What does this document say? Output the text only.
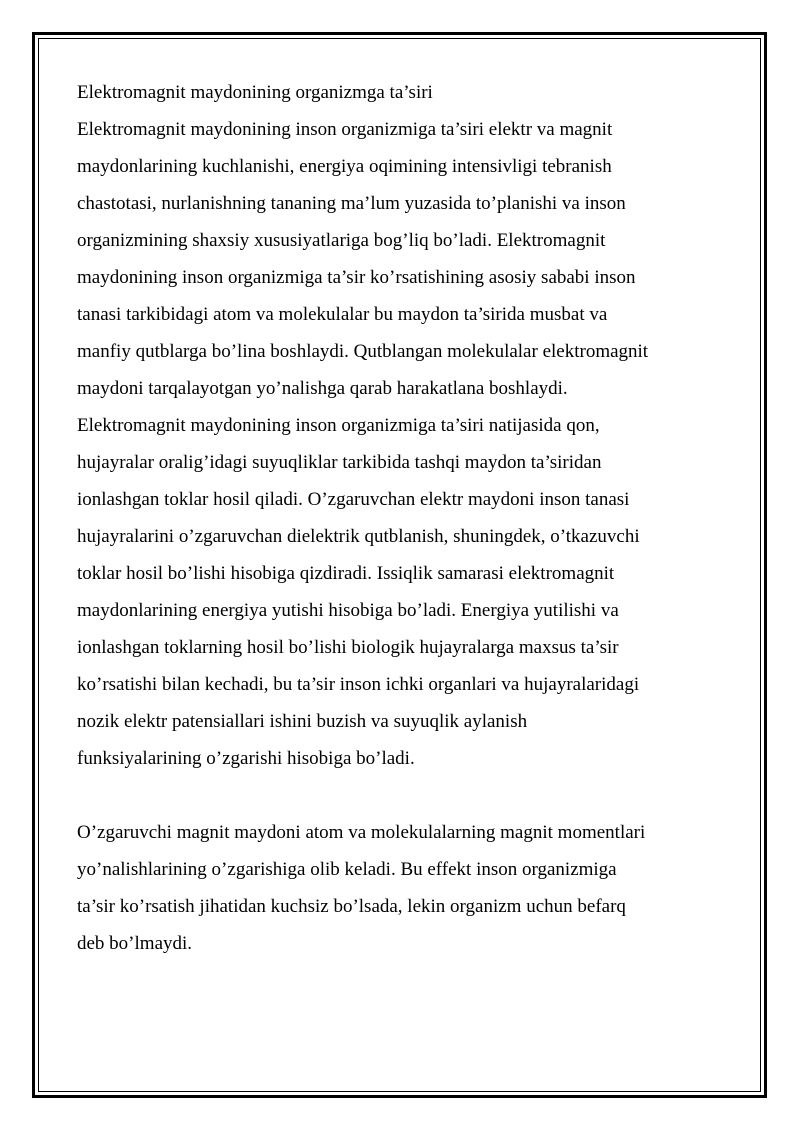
Elektromagnit maydonining organizmga ta’siri
Elektromagnit maydonining inson organizmiga ta’siri elektr va magnit
maydonlarining kuchlanishi, energiya oqimining intensivligi tebranish
chastotasi, nurlanishning tananing ma’lum yuzasida to’planishi va inson
organizmining shaxsiy xususiyatlariga bog’liq bo’ladi. Elektromagnit
maydonining inson organizmiga ta’sir ko’rsatishining asosiy sababi inson
tanasi tarkibidagi atom va molekulalar bu maydon ta’sirida musbat va
manfiy qutblarga bo’lina boshlaydi. Qutblangan molekulalar elektromagnit
maydoni tarqalayotgan yo’nalishga qarab harakatlana boshlaydi.
Elektromagnit maydonining inson organizmiga ta’siri natijasida qon,
hujayralar oralig’idagi suyuqliklar tarkibida tashqi maydon ta’siridan
ionlashgan toklar hosil qiladi. O’zgaruvchan elektr maydoni inson tanasi
hujayralarini o’zgaruvchan dielektrik qutblanish, shuningdek, o’tkazuvchi
toklar hosil bo’lishi hisobiga qizdiradi. Issiqlik samarasi elektromagnit
maydonlarining energiya yutishi hisobiga bo’ladi. Energiya yutilishi va
ionlashgan toklarning hosil bo’lishi biologik hujayralarga maxsus ta’sir
ko’rsatishi bilan kechadi, bu ta’sir inson ichki organlari va hujayralaridagi
nozik elektr patensiallari ishini buzish va suyuqlik aylanish
funksiyalarining o’zgarishi hisobiga bo’ladi.
O’zgaruvchi magnit maydoni atom va molekulalarning magnit momentlari
yo’nalishlarining o’zgarishiga olib keladi. Bu effekt inson organizmiga
ta’sir ko’rsatish jihatidan kuchsiz bo’lsada, lekin organizm uchun befarq
deb bo’lmaydi.
